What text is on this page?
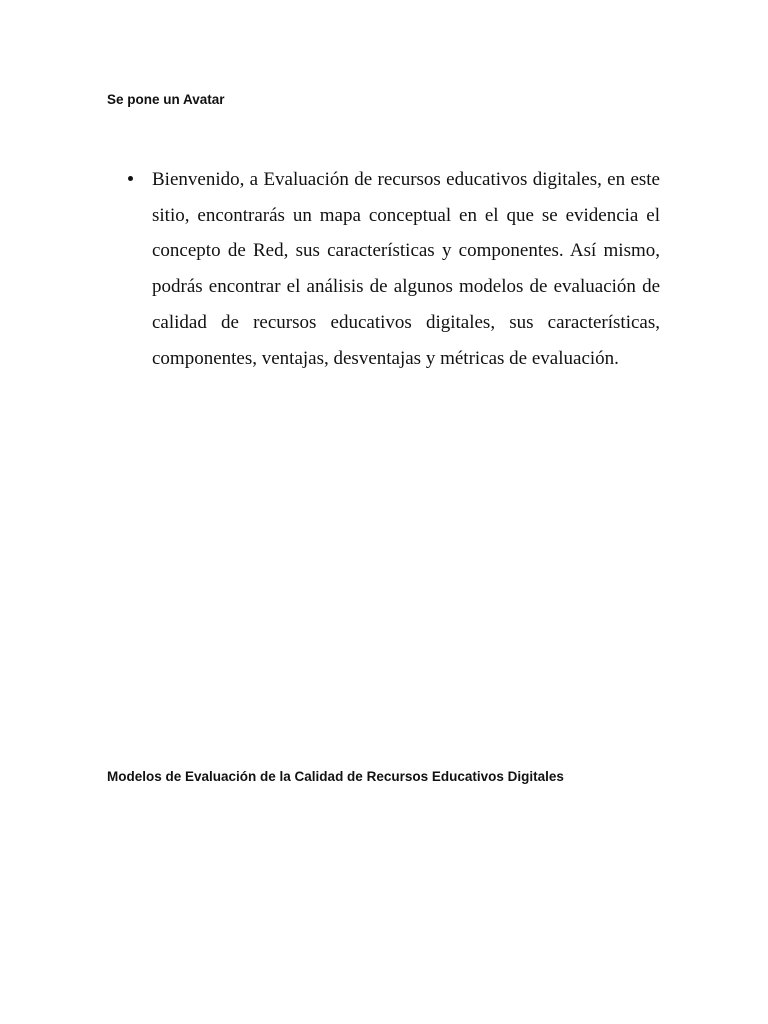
Se pone un Avatar

Bienvenido, a Evaluación de recursos educativos digitales, en este sitio, encontrarás un mapa conceptual en el que se evidencia el concepto de Red, sus características y componentes. Así mismo, podrás encontrar el análisis de algunos modelos de evaluación de calidad de recursos educativos digitales, sus características, componentes, ventajas, desventajas y métricas de evaluación.

Modelos de Evaluación de la Calidad de Recursos Educativos Digitales
